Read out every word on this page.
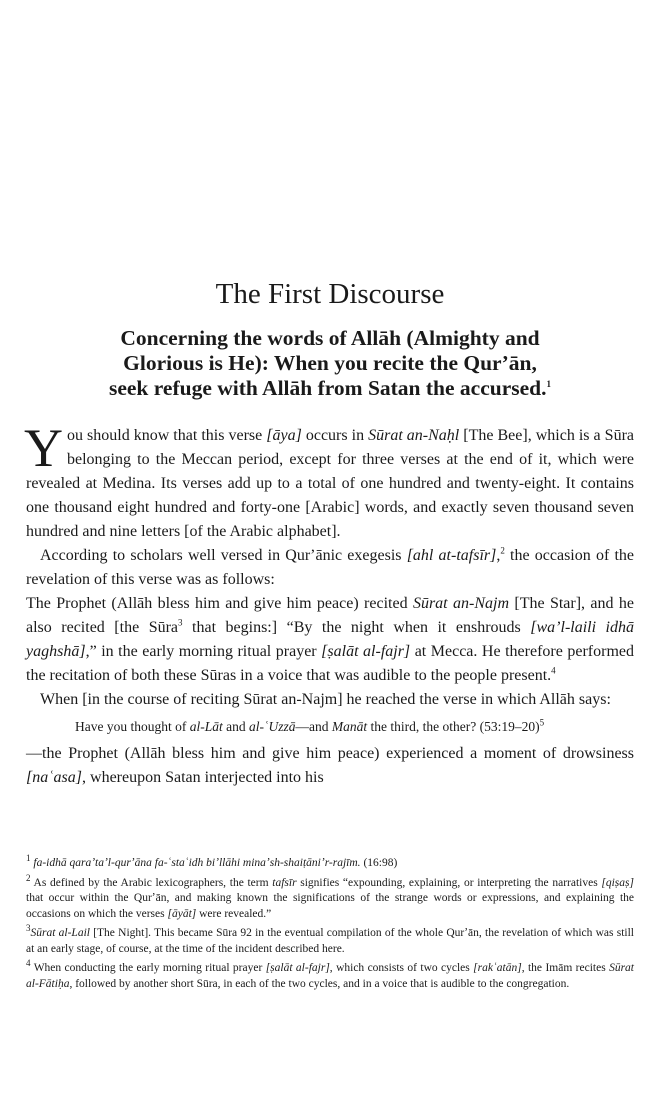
The First Discourse
Concerning the words of Allāh (Almighty and
Glorious is He): When you recite the Qurʼān,
seek refuge with Allāh from Satan the accursed.$^1$

You should know that this verse [āya] occurs in Sūrat an-Naḥl [The Bee], which is a Sūra belonging to the Meccan period, except for three verses at the end of it, which were revealed at Medina. Its verses add up to a total of one hundred and twenty-eight. It contains one thousand eight hundred and forty-one [Arabic] words, and exactly seven thousand seven hundred and nine letters [of the Arabic alphabet].

According to scholars well versed in Qurʼānic exegesis [ahl at-tafsīr],$^2$ the occasion of the revelation of this verse was as follows:

The Prophet (Allāh bless him and give him peace) recited Sūrat an-Najm [The Star], and he also recited [the Sūra$^3$ that begins:] “By the night when it enshrouds [waʼl-laili idhā yaghshā],” in the early morning ritual prayer [ṣalāt al-fajr] at Mecca. He therefore performed the recitation of both these Sūras in a voice that was audible to the people present.$^4$

When [in the course of reciting Sūrat an-Najm] he reached the verse in which Allāh says:

Have you thought of al-Lāt and al-ʿUzzā—and Manāt the third, the other? (53:19–20)$^5$

—the Prophet (Allāh bless him and give him peace) experienced a moment of drowsiness [naʿasa], whereupon Satan interjected into his

$^1$ fa-idhā qaraʼtaʼl-qurʼāna fa-ʿstaʿidh biʼllāhi minaʼsh-shaiṭāniʼr-rajīm. (16:98)

$^2$ As defined by the Arabic lexicographers, the term tafsīr signifies “expounding, explaining, or interpreting the narratives [qiṣaṣ] that occur within the Qurʼān, and making known the significations of the strange words or expressions, and explaining the occasions on which the verses [āyāt] were revealed.”

$^3$Sūrat al-Lail [The Night]. This became Sūra 92 in the eventual compilation of the whole Qurʼān, the revelation of which was still at an early stage, of course, at the time of the incident described here.

$^4$ When conducting the early morning ritual prayer [ṣalāt al-fajr], which consists of two cycles [rakʿatān], the Imām recites Sūrat al-Fātiḥa, followed by another short Sūra, in each of the two cycles, and in a voice that is audible to the congregation.
